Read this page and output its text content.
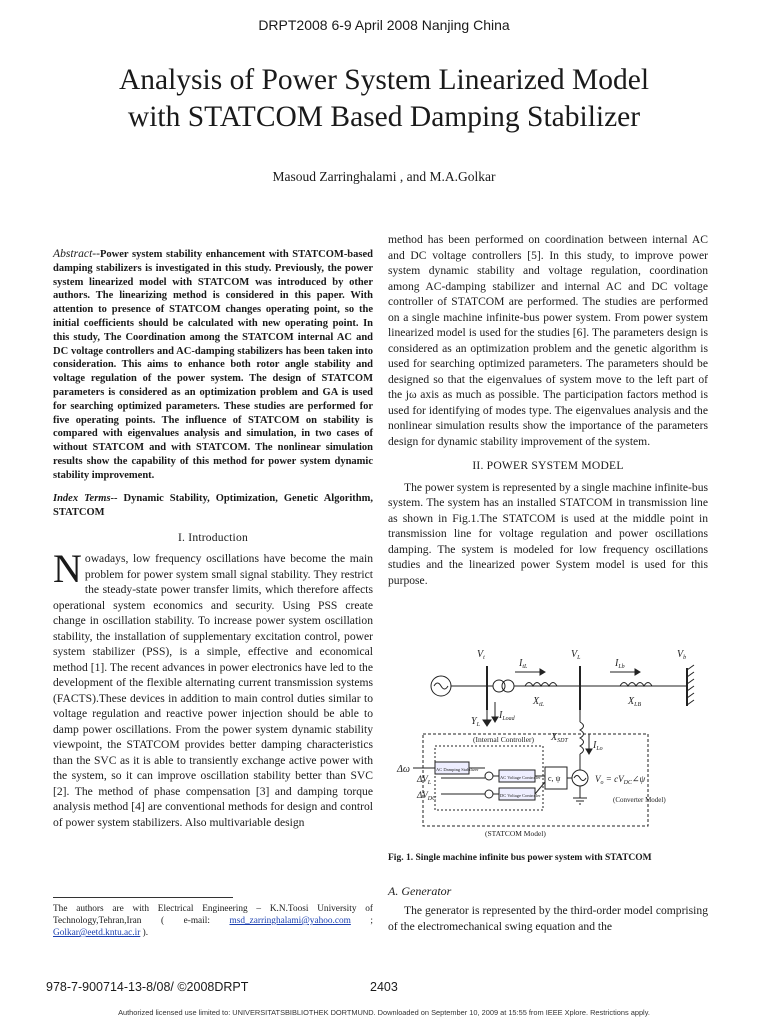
DRPT2008 6-9 April 2008 Nanjing China
Analysis of Power System Linearized Model
with STATCOM Based Damping Stabilizer
Masoud Zarringhalami , and M.A.Golkar

Abstract--Power system stability enhancement with STATCOM-based damping stabilizers is investigated in this study. Previously, the power system linearized model with STATCOM was introduced by other authors. The linearizing method is considered in this paper. With attention to presence of STATCOM changes operating point, so the initial coefficients should be calculated with new operating point. In this study, The Coordination among the STATCOM internal AC and DC voltage controllers and AC-damping stabilizers has been taken into consideration. This aims to enhance both rotor angle stability and voltage regulation of the power system. The design of STATCOM parameters is considered as an optimization problem and GA is used for searching optimized parameters. These studies are performed for five operating points. The influence of STATCOM on stability is compared with eigenvalues analysis and simulation, in two cases of without STATCOM and with STATCOM. The nonlinear simulation results show the capability of this method for power system dynamic stability improvement.

Index Terms-- Dynamic Stability, Optimization, Genetic Algorithm, STATCOM

I. Introduction

Nowadays, low frequency oscillations have become the main problem for power system small signal stability. They restrict the steady-state power transfer limits, which therefore affects operational system economics and security. Using PSS create change in oscillation stability. To increase power system oscillation stability, the installation of supplementary excitation control, power system stabilizer (PSS), is a simple, effective and economical method [1]. The recent advances in power electronics have led to the development of the flexible alternating current transmission systems (FACTS).These devices in addition to main control duties similar to voltage regulation and reactive power injection should be able to damp power oscillations. From the power system dynamic stability viewpoint, the STATCOM provides better damping characteristics than the SVC as it is able to transiently exchange active power with the system, so it can improve oscillation stability better than SVC [2]. The method of phase compensation [3] and damping torque analysis method [4] are conventional methods for design and control of power system stabilizers. Also multivariable design

The authors are with Electrical Engineering – K.N.Toosi University of Technology,Tehran,Iran ( e-mail: msd_zarringhalami@yahoo.com ; Golkar@eetd.kntu.ac.ir ).

method has been performed on coordination between internal AC and DC voltage controllers [5]. In this study, to improve power system dynamic stability and voltage regulation, coordination among AC-damping stabilizer and internal AC and DC voltage controller of STATCOM are performed. The studies are performed on a single machine infinite-bus power system. From power system linearized model is used for the studies [6]. The parameters design is considered as an optimization problem and the genetic algorithm is used for searching optimized parameters. The parameters should be designed so that the eigenvalues of system move to the left part of the jω axis as much as possible. The participation factors method is used for identifying of modes type. The eigenvalues analysis and the nonlinear simulation results show the importance of the parameters design for dynamic stability improvement of the system.

II. POWER SYSTEM MODEL

The power system is represented by a single machine infinite-bus system. The system has an installed STATCOM in transmission line as shown in Fig.1.The STATCOM is used at the middle point in transmission line for voltage regulation and power oscillations damping. The system is modeled for low frequency oscillations studies and the linearized power System model is used for this purpose.

$V_t$	$I_{tL}$
$V_L$	$I_{Lb}$
$V_b$
$X_{tL}$	$X_{LB}$
$Y_L$
$I_{Load}$
$X_{SDT}$	$I_{Lo}$
Δω
$\Delta V_L$
$\Delta V_{DC}$
$V_o$ = $cV_{DC}\angle\psi$
(Internal Controller)
AC Damping Stabilizer
AC Voltage Controller
DC Voltage Controller
c, ψ
(Converter Model)
(STATCOM Model)
Fig. 1. Single machine infinite bus power system with STATCOM
A. Generator
The generator is represented by the third-order model comprising of the electromechanical swing equation and the
978-7-900714-13-8/08/ ©2008DRPT	2403
Authorized licensed use limited to: UNIVERSITATSBIBLIOTHEK DORTMUND. Downloaded on September 10, 2009 at 15:55 from IEEE Xplore. Restrictions apply.
